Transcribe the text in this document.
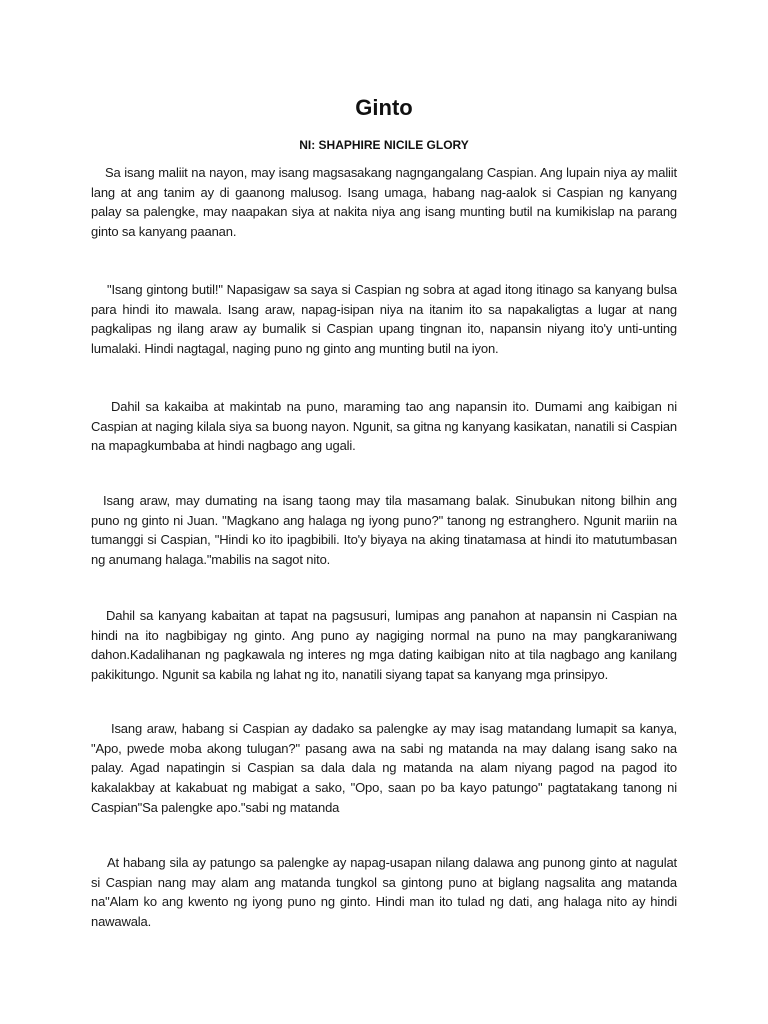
Ginto
NI: SHAPHIRE NICILE GLORY

Sa isang maliit na nayon, may isang magsasakang nagngangalang Caspian. Ang lupain niya ay maliit lang at ang tanim ay di gaanong malusog. Isang umaga, habang nag-aalok si Caspian ng kanyang palay sa palengke, may naapakan siya at nakita niya ang isang munting butil na kumikislap na parang ginto sa kanyang paanan.

"Isang gintong butil!" Napasigaw sa saya si Caspian ng sobra at agad itong itinago sa kanyang bulsa para hindi ito mawala. Isang araw, napag-isipan niya na itanim ito sa napakaligtas a lugar at nang pagkalipas ng ilang araw ay bumalik si Caspian upang tingnan ito, napansin niyang ito'y unti-unting lumalaki. Hindi nagtagal, naging puno ng ginto ang munting butil na iyon.

Dahil sa kakaiba at makintab na puno, maraming tao ang napansin ito. Dumami ang kaibigan ni Caspian at naging kilala siya sa buong nayon. Ngunit, sa gitna ng kanyang kasikatan, nanatili si Caspian na mapagkumbaba at hindi nagbago ang ugali.

Isang araw, may dumating na isang taong may tila masamang balak. Sinubukan nitong bilhin ang puno ng ginto ni Juan. "Magkano ang halaga ng iyong puno?" tanong ng estranghero. Ngunit mariin na tumanggi si Caspian, "Hindi ko ito ipagbibili. Ito'y biyaya na aking tinatamasa at hindi ito matutumbasan ng anumang halaga."mabilis na sagot nito.

Dahil sa kanyang kabaitan at tapat na pagsusuri, lumipas ang panahon at napansin ni Caspian na hindi na ito nagbibigay ng ginto. Ang puno ay nagiging normal na puno na may pangkaraniwang dahon.Kadalihanan ng pagkawala ng interes ng mga dating kaibigan nito at tila nagbago ang kanilang pakikitungo. Ngunit sa kabila ng lahat ng ito, nanatili siyang tapat sa kanyang mga prinsipyo.

Isang araw, habang si Caspian ay dadako sa palengke ay may isag matandang lumapit sa kanya, "Apo, pwede moba akong tulugan?" pasang awa na sabi ng matanda na may dalang isang sako na palay. Agad napatingin si Caspian sa dala dala ng matanda na alam niyang pagod na pagod ito kakalakbay at kakabuat ng mabigat a sako, "Opo, saan po ba kayo patungo" pagtatakang tanong ni Caspian"Sa palengke apo."sabi ng matanda

At habang sila ay patungo sa palengke ay napag-usapan nilang dalawa ang punong ginto at nagulat si Caspian nang may alam ang matanda tungkol sa gintong puno at biglang nagsalita ang matanda na"Alam ko ang kwento ng iyong puno ng ginto. Hindi man ito tulad ng dati, ang halaga nito ay hindi nawawala.
